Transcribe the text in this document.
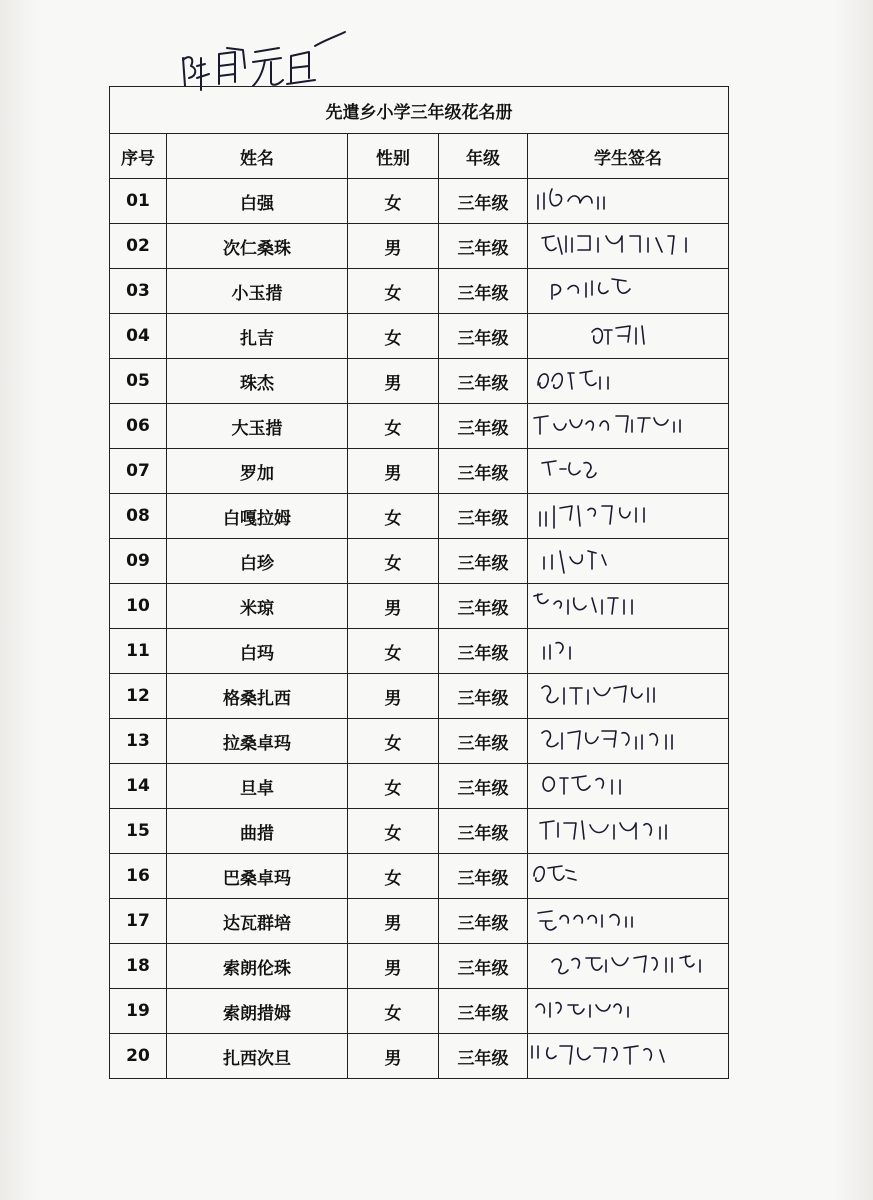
先遣乡小学三年级花名册				
序号	姓名	性别	年级	学生签名
01	白强	女	三年级	

02	次仁桑珠	男	三年级	

03	小玉措	女	三年级	

04	扎吉	女	三年级	

05	珠杰	男	三年级	

06	大玉措	女	三年级	

07	罗加	男	三年级	

08	白嘎拉姆	女	三年级	

09	白珍	女	三年级	

10	米琼	男	三年级	

11	白玛	女	三年级	

12	格桑扎西	男	三年级	

13	拉桑卓玛	女	三年级	

14	旦卓	女	三年级	

15	曲措	女	三年级	

16	巴桑卓玛	女	三年级	

17	达瓦群培	男	三年级	

18	索朗伦珠	男	三年级	

19	索朗措姆	女	三年级	

20	扎西次旦	男	三年级	
